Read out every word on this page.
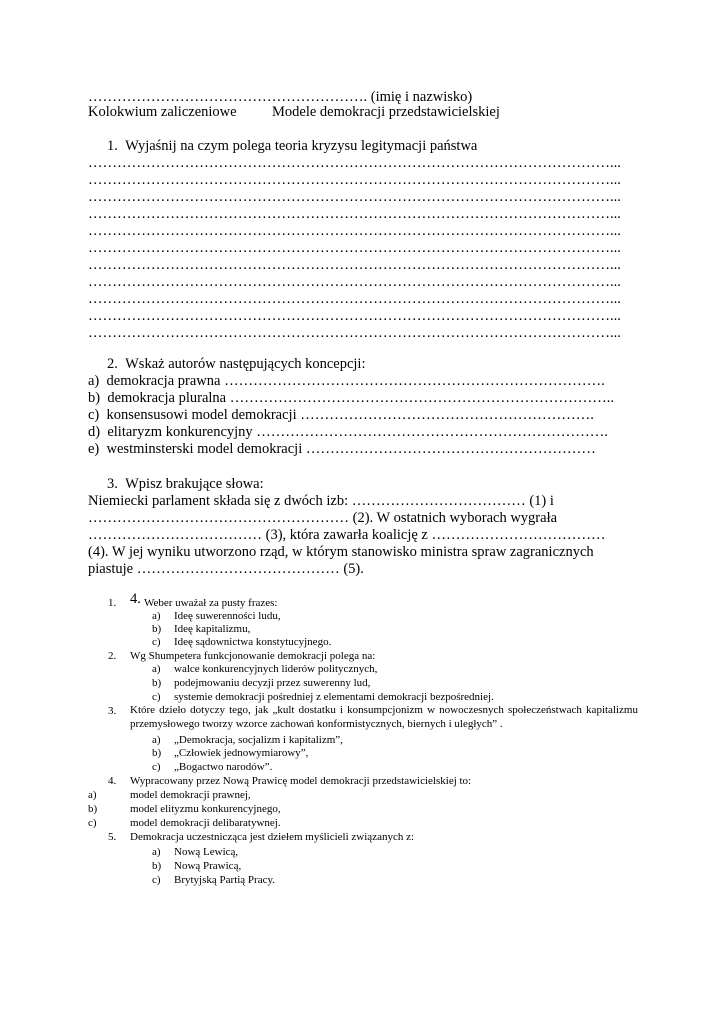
…………………………………………………. (imię i nazwisko)
Kolokwium zaliczeniowe Modele demokracji przedstawicielskiej
1.  Wyjaśnij na czym polega teoria kryzysu legitymacji państwa
………………………………………………………………………………………………...
………………………………………………………………………………………………...
………………………………………………………………………………………………...
………………………………………………………………………………………………...
………………………………………………………………………………………………...
………………………………………………………………………………………………...
………………………………………………………………………………………………...
………………………………………………………………………………………………...
………………………………………………………………………………………………...
………………………………………………………………………………………………...
………………………………………………………………………………………………...
2.  Wskaż autorów następujących koncepcji:
a)  demokracja prawna …………………………………………………………………….
b)  demokracja pluralna ……………………………………………………………………..
c)  konsensusowi model demokracji …………………………………………………….
d)  elitaryzm konkurencyjny ……………………………………………………………….
e)  westminsterski model demokracji ……………………………………………………
3.  Wpisz brakujące słowa:
Niemiecki parlament składa się z dwóch izb: ……………………………… (1) i
……………………………………………… (2). W ostatnich wyborach wygrała
……………………………… (3), która zawarła koalicję z ………………………………
(4). W jej wyniku utworzono rząd, w którym stanowisko ministra spraw zagranicznych
piastuje …………………………………… (5).
1. 4. Weber uważał za pusty frazes:
a) Ideę suwerenności ludu,
b) Ideę kapitalizmu,
c) Ideę sądownictwa konstytucyjnego.
2. Wg Shumpetera funkcjonowanie demokracji polega na:
a) walce konkurencyjnych liderów politycznych,
b) podejmowaniu decyzji przez suwerenny lud,
c) systemie demokracji pośredniej z elementami demokracji bezpośredniej.
3. Które dzieło dotyczy tego, jak „kult dostatku i konsumpcjonizm w nowoczesnych społeczeństwach kapitalizmu przemysłowego tworzy wzorce zachowań konformistycznych, biernych i uległych” .
a) „Demokracja, socjalizm i kapitalizm”,
b) „Człowiek jednowymiarowy”,
c) „Bogactwo narodów”.
4. Wypracowany przez Nową Prawicę model demokracji przedstawicielskiej to:
a)	model demokracji prawnej,
b)	model elityzmu konkurencyjnego,
c)	model demokracji delibaratywnej.
5. Demokracja uczestnicząca jest dziełem myślicieli związanych z:
a) Nową Lewicą,
b) Nową Prawicą,
c) Brytyjską Partią Pracy.
